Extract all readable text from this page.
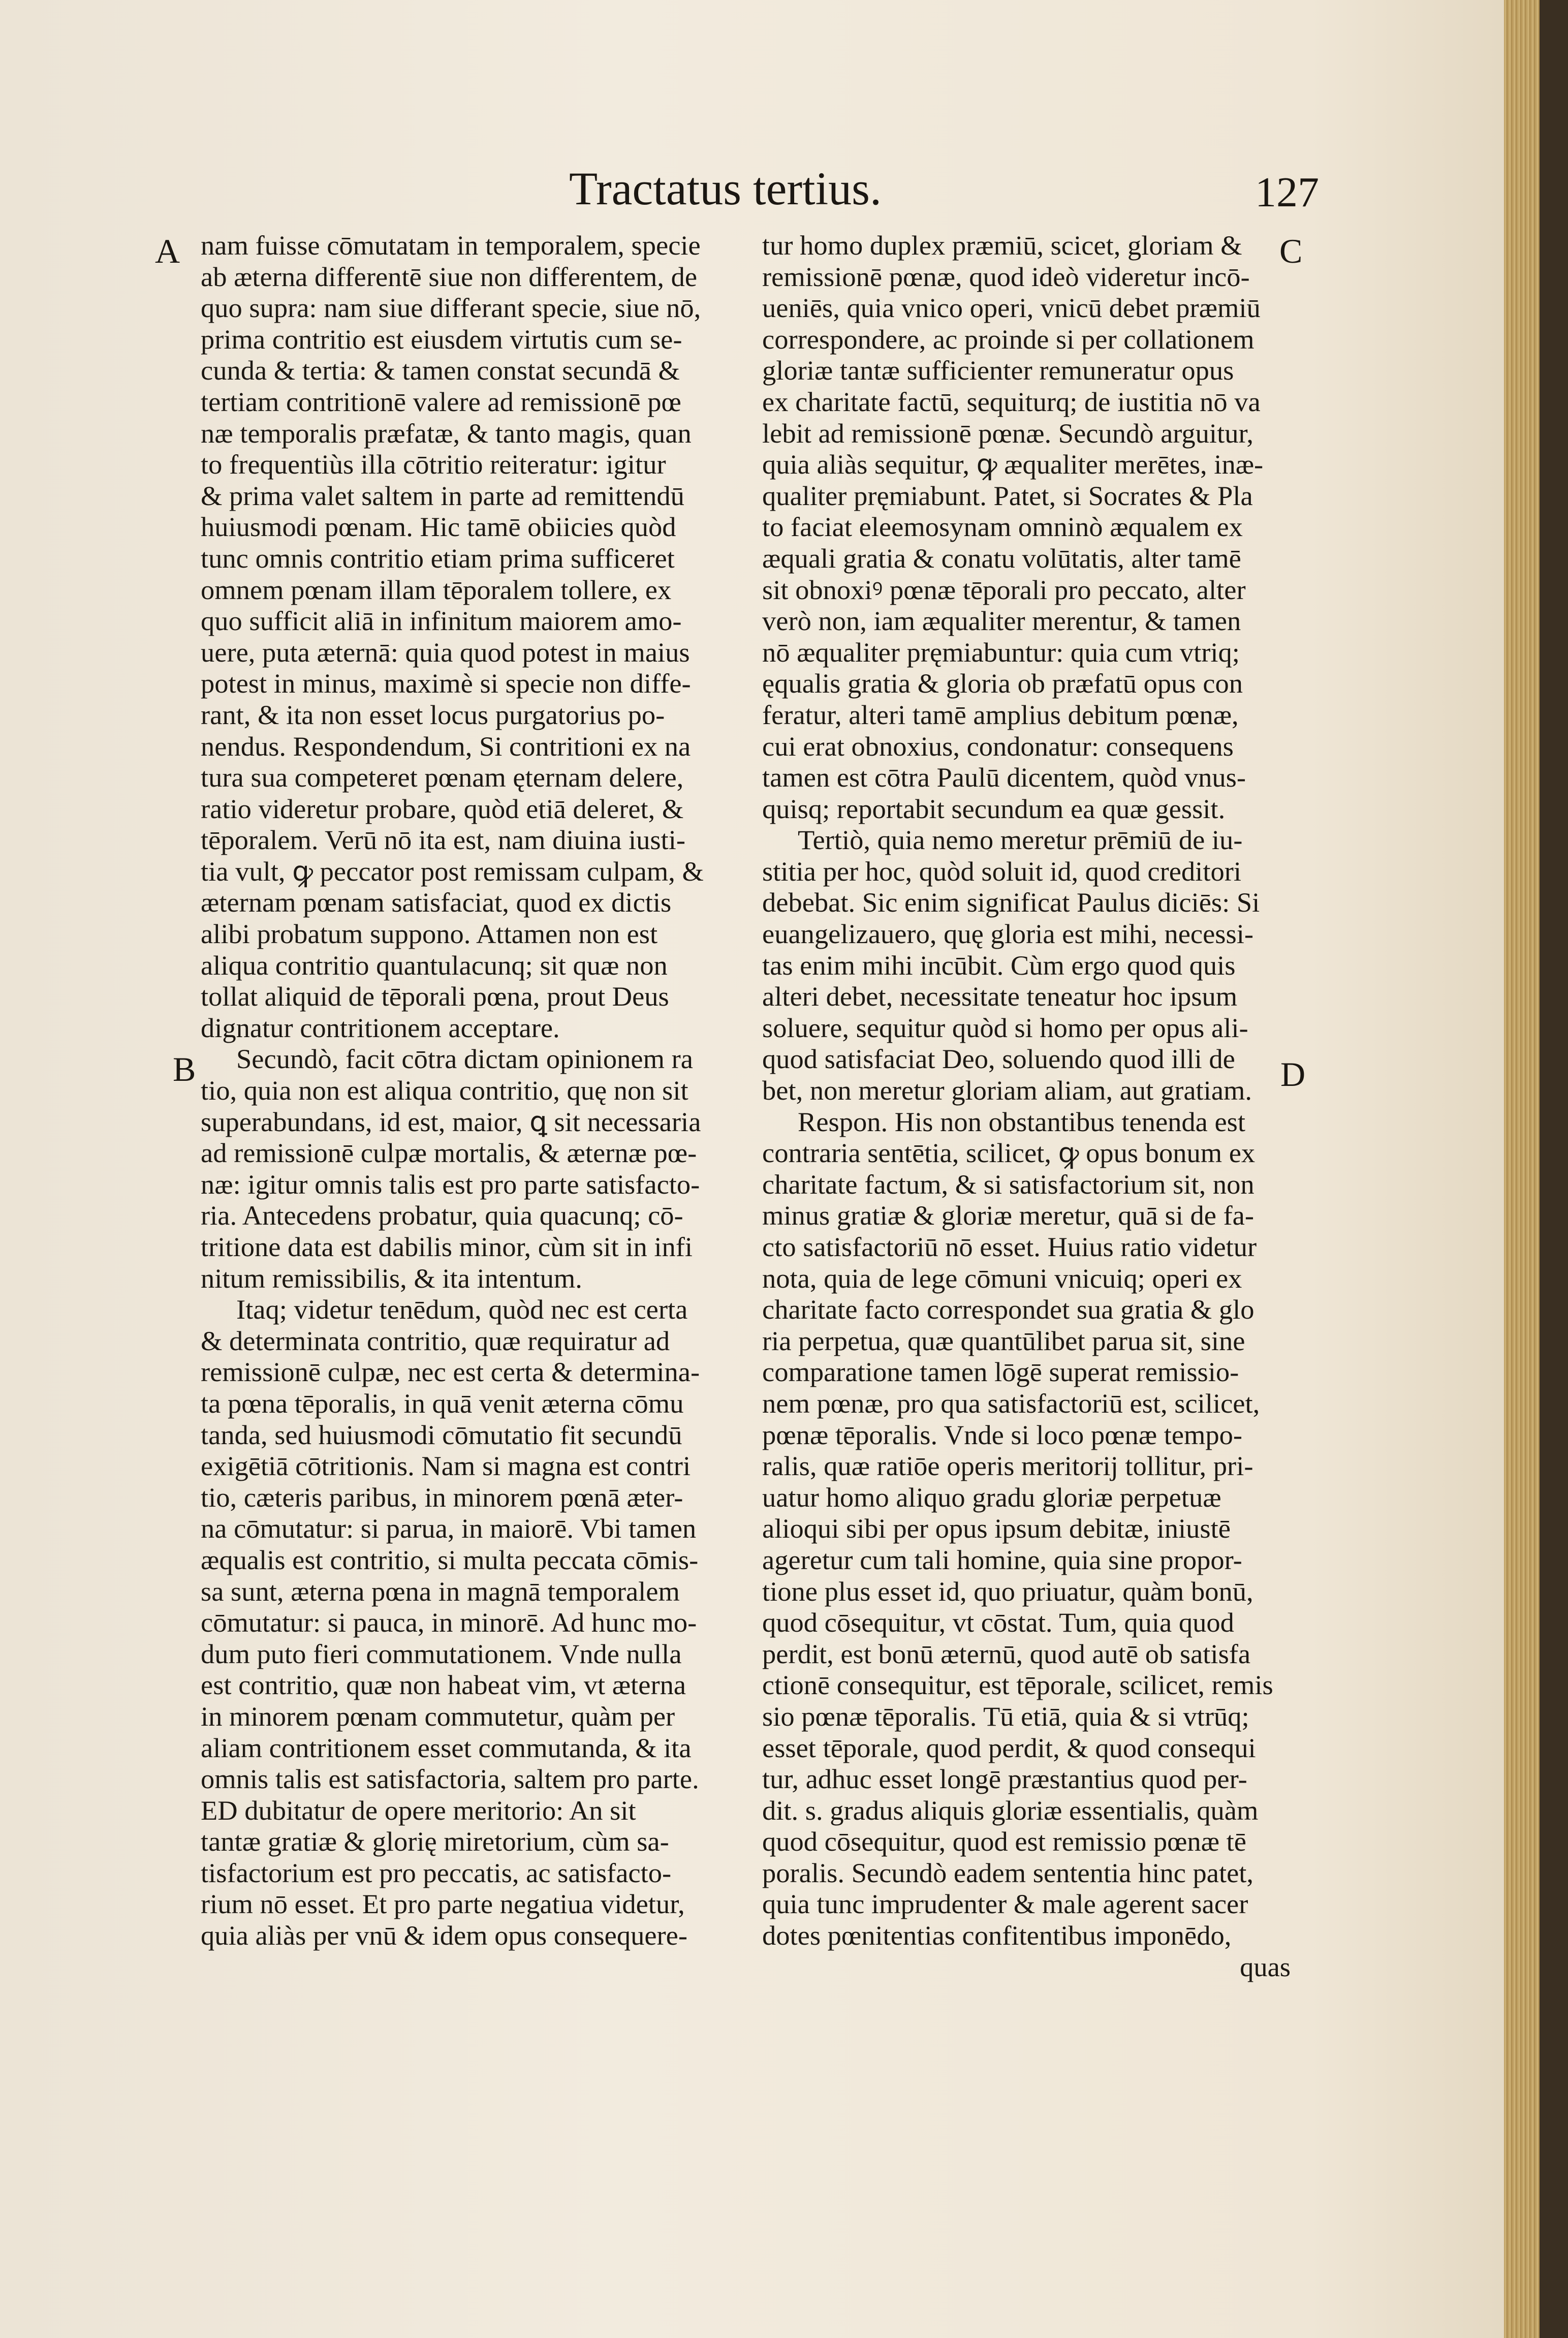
Tractatus tertius.	127
A
B
C
D
nam fuisse cōmutatam in temporalem, specie
ab æterna differentē siue non differentem, de
quo supra: nam siue differant specie, siue nō,
prima contritio est eiusdem virtutis cum se-
cunda & tertia: & tamen constat secundā &
tertiam contritionē valere ad remissionē pœ
næ temporalis præfatæ, & tanto magis, quan
to frequentiùs illa cōtritio reiteratur: igitur
& prima valet saltem in parte ad remittendū
huiusmodi pœnam. Hic tamē obiicies quòd
tunc omnis contritio etiam prima sufficeret
omnem pœnam illam tēporalem tollere, ex
quo sufficit aliā in infinitum maiorem amo-
uere, puta æternā: quia quod potest in maius
potest in minus, maximè si specie non diffe-
rant, & ita non esset locus purgatorius po-
nendus. Respondendum, Si contritioni ex na
tura sua competeret pœnam ęternam delere,
ratio videretur probare, quòd etiā deleret, &
tēporalem. Verū nō ita est, nam diuina iusti-
tia vult, ꝙ peccator post remissam culpam, &
æternam pœnam satisfaciat, quod ex dictis
alibi probatum suppono. Attamen non est
aliqua contritio quantulacunq; sit quæ non
tollat aliquid de tēporali pœna, prout Deus
dignatur contritionem acceptare.
Secundò, facit cōtra dictam opinionem ra
tio, quia non est aliqua contritio, quę non sit
superabundans, id est, maior, ꝗ sit necessaria
ad remissionē culpæ mortalis, & æternæ pœ-
næ: igitur omnis talis est pro parte satisfacto-
ria. Antecedens probatur, quia quacunq; cō-
tritione data est dabilis minor, cùm sit in infi
nitum remissibilis, & ita intentum.
Itaq; videtur tenēdum, quòd nec est certa
& determinata contritio, quæ requiratur ad
remissionē culpæ, nec est certa & determina-
ta pœna tēporalis, in quā venit æterna cōmu
tanda, sed huiusmodi cōmutatio fit secundū
exigētiā cōtritionis. Nam si magna est contri
tio, cæteris paribus, in minorem pœnā æter-
na cōmutatur: si parua, in maiorē. Vbi tamen
æqualis est contritio, si multa peccata cōmis-
sa sunt, æterna pœna in magnā temporalem
cōmutatur: si pauca, in minorē. Ad hunc mo-
dum puto fieri commutationem. Vnde nulla
est contritio, quæ non habeat vim, vt æterna
in minorem pœnam commutetur, quàm per
aliam contritionem esset commutanda, & ita
omnis talis est satisfactoria, saltem pro parte.
ED dubitatur de opere meritorio: An sit
tantæ gratiæ & glorię miretorium, cùm sa-
tisfactorium est pro peccatis, ac satisfacto-
rium nō esset. Et pro parte negatiua videtur,
quia aliàs per vnū & idem opus consequere-
tur homo duplex præmiū, scicet, gloriam &
remissionē pœnæ, quod ideò videretur incō-
ueniēs, quia vnico operi, vnicū debet præmiū
correspondere, ac proinde si per collationem
gloriæ tantæ sufficienter remuneratur opus
ex charitate factū, sequiturq; de iustitia nō va
lebit ad remissionē pœnæ. Secundò arguitur,
quia aliàs sequitur, ꝙ æqualiter merētes, inæ-
qualiter pręmiabunt. Patet, si Socrates & Pla
to faciat eleemosynam omninò æqualem ex
æquali gratia & conatu volūtatis, alter tamē
sit obnoxiꝰ pœnæ tēporali pro peccato, alter
verò non, iam æqualiter merentur, & tamen
nō æqualiter pręmiabuntur: quia cum vtriq;
ęqualis gratia & gloria ob præfatū opus con
feratur, alteri tamē amplius debitum pœnæ,
cui erat obnoxius, condonatur: consequens
tamen est cōtra Paulū dicentem, quòd vnus-
quisq; reportabit secundum ea quæ gessit.
Tertiò, quia nemo meretur prēmiū de iu-
stitia per hoc, quòd soluit id, quod creditori
debebat. Sic enim significat Paulus diciēs: Si
euangelizauero, quę gloria est mihi, necessi-
tas enim mihi incūbit. Cùm ergo quod quis
alteri debet, necessitate teneatur hoc ipsum
soluere, sequitur quòd si homo per opus ali-
quod satisfaciat Deo, soluendo quod illi de
bet, non meretur gloriam aliam, aut gratiam.
Respon. His non obstantibus tenenda est
contraria sentētia, scilicet, ꝙ opus bonum ex
charitate factum, & si satisfactorium sit, non
minus gratiæ & gloriæ meretur, quā si de fa-
cto satisfactoriū nō esset. Huius ratio videtur
nota, quia de lege cōmuni vnicuiq; operi ex
charitate facto correspondet sua gratia & glo
ria perpetua, quæ quantūlibet parua sit, sine
comparatione tamen lōgē superat remissio-
nem pœnæ, pro qua satisfactoriū est, scilicet,
pœnæ tēporalis. Vnde si loco pœnæ tempo-
ralis, quæ ratiōe operis meritorij tollitur, pri-
uatur homo aliquo gradu gloriæ perpetuæ
alioqui sibi per opus ipsum debitæ, iniustē
ageretur cum tali homine, quia sine propor-
tione plus esset id, quo priuatur, quàm bonū,
quod cōsequitur, vt cōstat. Tum, quia quod
perdit, est bonū æternū, quod autē ob satisfa
ctionē consequitur, est tēporale, scilicet, remis
sio pœnæ tēporalis. Tū etiā, quia & si vtrūq;
esset tēporale, quod perdit, & quod consequi
tur, adhuc esset longē præstantius quod per-
dit. s. gradus aliquis gloriæ essentialis, quàm
quod cōsequitur, quod est remissio pœnæ tē
poralis. Secundò eadem sententia hinc patet,
quia tunc imprudenter & male agerent sacer
dotes pœnitentias confitentibus imponēdo,
quas
